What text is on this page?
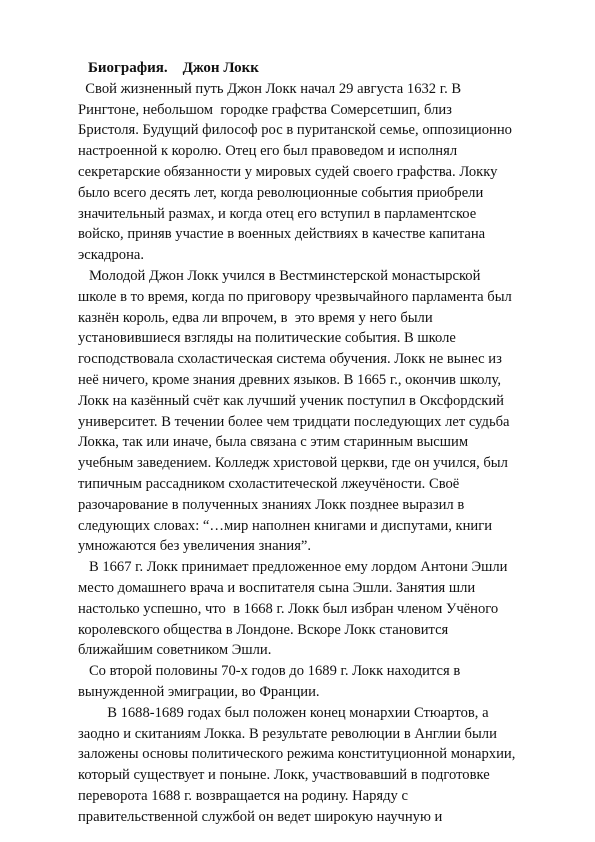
Биография. Джон Локк
Свой жизненный путь Джон Локк начал 29 августа 1632 г. В
Рингтоне, небольшом  городке графства Сомерсетшип, близ
Бристоля. Будущий философ рос в пуританской семье, оппозиционно
настроенной к королю. Отец его был правоведом и исполнял
секретарские обязанности у мировых судей своего графства. Локку
было всего десять лет, когда революционные события приобрели
значительный размах, и когда отец его вступил в парламентское
войско, приняв участие в военных действиях в качестве капитана
эскадрона.
Молодой Джон Локк учился в Вестминстерской монастырской
школе в то время, когда по приговору чрезвычайного парламента был
казнён король, едва ли впрочем, в  это время у него были
установившиеся взгляды на политические события. В школе
господствовала схоластическая система обучения. Локк не вынес из
неё ничего, кроме знания древних языков. В 1665 г., окончив школу,
Локк на казённый счёт как лучший ученик поступил в Оксфордский
университет. В течении более чем тридцати последующих лет судьба
Локка, так или иначе, была связана с этим старинным высшим
учебным заведением. Колледж христовой церкви, где он учился, был
типичным рассадником схоластитеческой лжеучёности. Своё
разочарование в полученных знаниях Локк позднее выразил в
следующих словах: “…мир наполнен книгами и диспутами, книги
умножаются без увеличения знания”.
В 1667 г. Локк принимает предложенное ему лордом Антони Эшли
место домашнего врача и воспитателя сына Эшли. Занятия шли
настолько успешно, что  в 1668 г. Локк был избран членом Учёного
королевского общества в Лондоне. Вскоре Локк становится
ближайшим советником Эшли.
Со второй половины 70-х годов до 1689 г. Локк находится в
вынужденной эмиграции, во Франции.
В 1688-1689 годах был положен конец монархии Стюартов, а
заодно и скитаниям Локка. В результате революции в Англии были
заложены основы политического режима конституционной монархии,
который существует и поныне. Локк, участвовавший в подготовке
переворота 1688 г. возвращается на родину. Наряду с
правительственной службой он ведет широкую научную и
